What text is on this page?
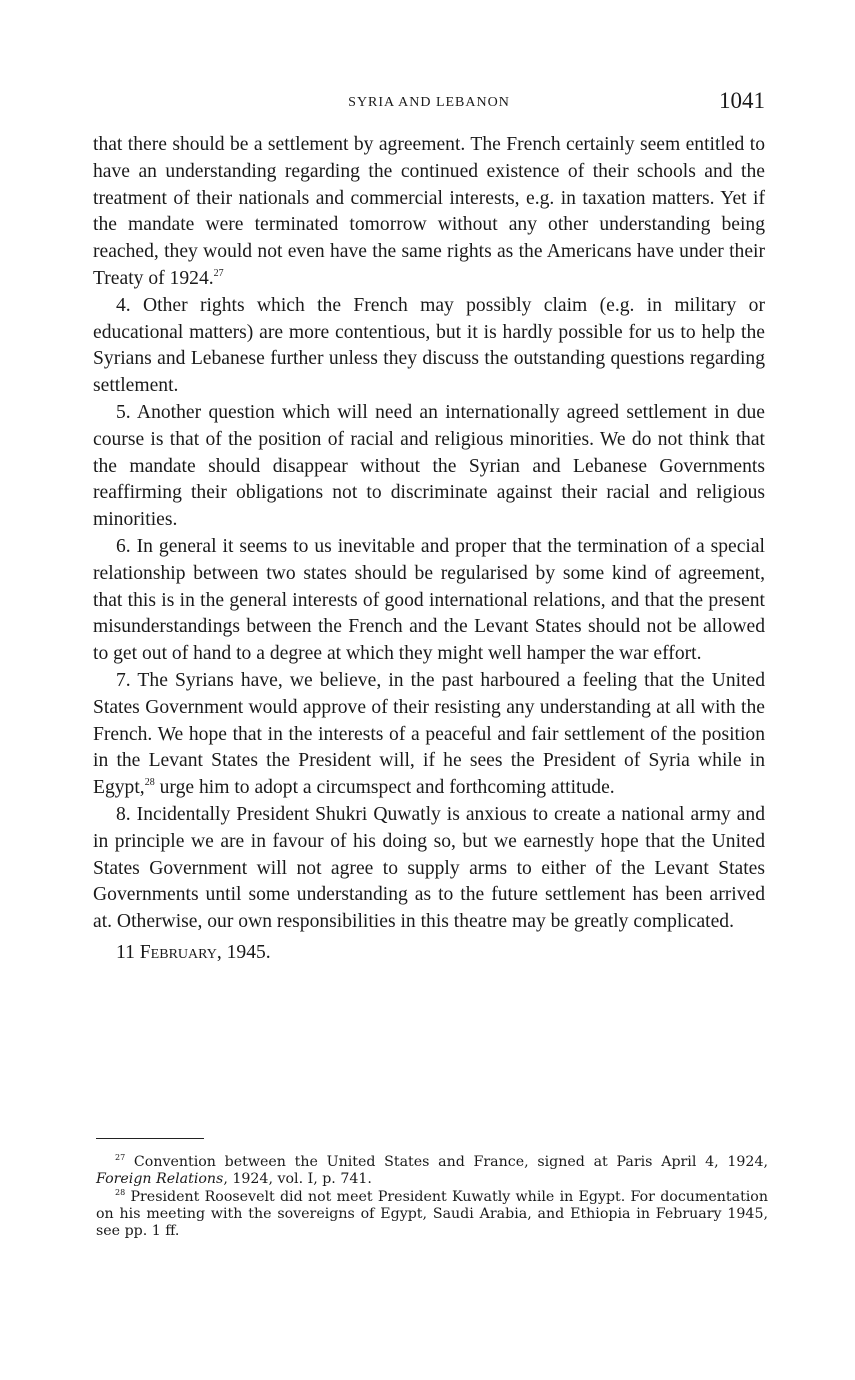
SYRIA AND LEBANON	1041

that there should be a settlement by agreement. The French certainly seem entitled to have an understanding regarding the continued existence of their schools and the treatment of their nationals and commercial interests, e.g. in taxation matters. Yet if the mandate were terminated tomorrow without any other understanding being reached, they would not even have the same rights as the Americans have under their Treaty of 1924.27

4. Other rights which the French may possibly claim (e.g. in military or educational matters) are more contentious, but it is hardly possible for us to help the Syrians and Lebanese further unless they discuss the outstanding questions regarding settlement.

5. Another question which will need an internationally agreed settlement in due course is that of the position of racial and religious minorities. We do not think that the mandate should disappear without the Syrian and Lebanese Governments reaffirming their obligations not to discriminate against their racial and religious minorities.

6. In general it seems to us inevitable and proper that the termination of a special relationship between two states should be regularised by some kind of agreement, that this is in the general interests of good international relations, and that the present misunderstandings between the French and the Levant States should not be allowed to get out of hand to a degree at which they might well hamper the war effort.

7. The Syrians have, we believe, in the past harboured a feeling that the United States Government would approve of their resisting any understanding at all with the French. We hope that in the interests of a peaceful and fair settlement of the position in the Levant States the President will, if he sees the President of Syria while in Egypt,$^{28}$ urge him to adopt a circumspect and forthcoming attitude.

8. Incidentally President Shukri Quwatly is anxious to create a national army and in principle we are in favour of his doing so, but we earnestly hope that the United States Government will not agree to supply arms to either of the Levant States Governments until some understanding as to the future settlement has been arrived at. Otherwise, our own responsibilities in this theatre may be greatly complicated.

11 February, 1945.

$^{27}$ Convention between the United States and France, signed at Paris April 4, 1924, Foreign Relations, 1924, vol. I, p. 741.

$^{28}$ President Roosevelt did not meet President Kuwatly while in Egypt. For documentation on his meeting with the sovereigns of Egypt, Saudi Arabia, and Ethiopia in February 1945, see pp. 1 ff.
